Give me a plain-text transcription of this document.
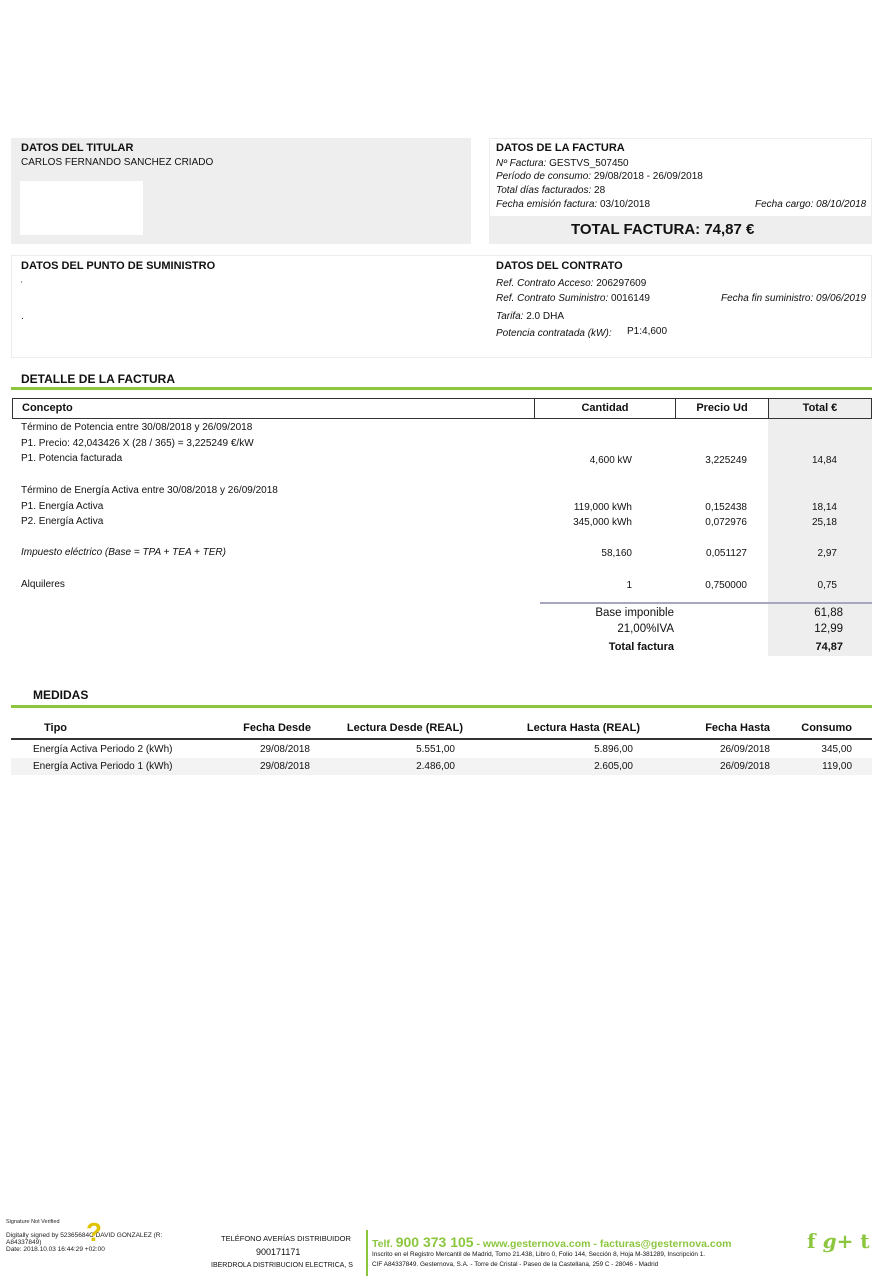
DATOS DEL TITULAR
CARLOS FERNANDO SANCHEZ CRIADO
DATOS DE LA FACTURA
Nº Factura: GESTVS_507450
Período de consumo: 29/08/2018 - 26/09/2018
Total días facturados: 28
Fecha emisión factura: 03/10/2018	Fecha cargo: 08/10/2018
TOTAL FACTURA: 74,87 €
DATOS DEL PUNTO DE SUMINISTRO
‚
.
DATOS DEL CONTRATO
Ref. Contrato Acceso: 206297609
Ref. Contrato Suministro: 0016149	Fecha fin suministro: 09/06/2019
Tarifa: 2.0 DHA
Potencia contratada (kW): P1:4,600
DETALLE DE LA FACTURA
Concepto	Cantidad	Precio Ud	Total €
Término de Potencia entre 30/08/2018 y 26/09/2018
P1. Precio: 42,043426 X (28 / 365) = 3,225249 €/kW
P1. Potencia facturada	4,600 kW	3,225249	14,84
Término de Energía Activa entre 30/08/2018 y 26/09/2018
P1. Energía Activa	119,000 kWh	0,152438	18,14
P2. Energía Activa	345,000 kWh	0,072976	25,18
Impuesto eléctrico (Base = TPA + TEA + TER)	58,160	0,051127	2,97
Alquileres	1	0,750000	0,75
Base imponible	61,88
21,00%IVA	12,99
Total factura	74,87
MEDIDAS
Tipo	Fecha Desde	Lectura Desde (REAL)	Lectura Hasta (REAL)	Fecha Hasta	Consumo
Energía Activa Periodo 2 (kWh)	29/08/2018	5.551,00	5.896,00	26/09/2018	345,00
Energía Activa Periodo 1 (kWh)	29/08/2018	2.486,00	2.605,00	26/09/2018	119,00
Signature Not Verified
Digitally signed by 52365684C DAVID GONZALEZ (R:
A84337849)
Date: 2018.10.03 16:44:29 +02:00
?	TELÉFONO AVERÍAS DISTRIBUIDOR
900171171
IBERDROLA DISTRIBUCION ELECTRICA, S
Telf. 900 373 105 - www.gesternova.com - facturas@gesternova.com
Inscrito en el Registro Mercantil de Madrid, Tomo 21.438, Libro 0, Folio 144, Sección 8, Hoja M-381289, Inscripción 1.
CIF A84337849. Gesternova, S.A. - Torre de Cristal - Paseo de la Castellana, 259 C - 28046 - Madrid
f g+ t
